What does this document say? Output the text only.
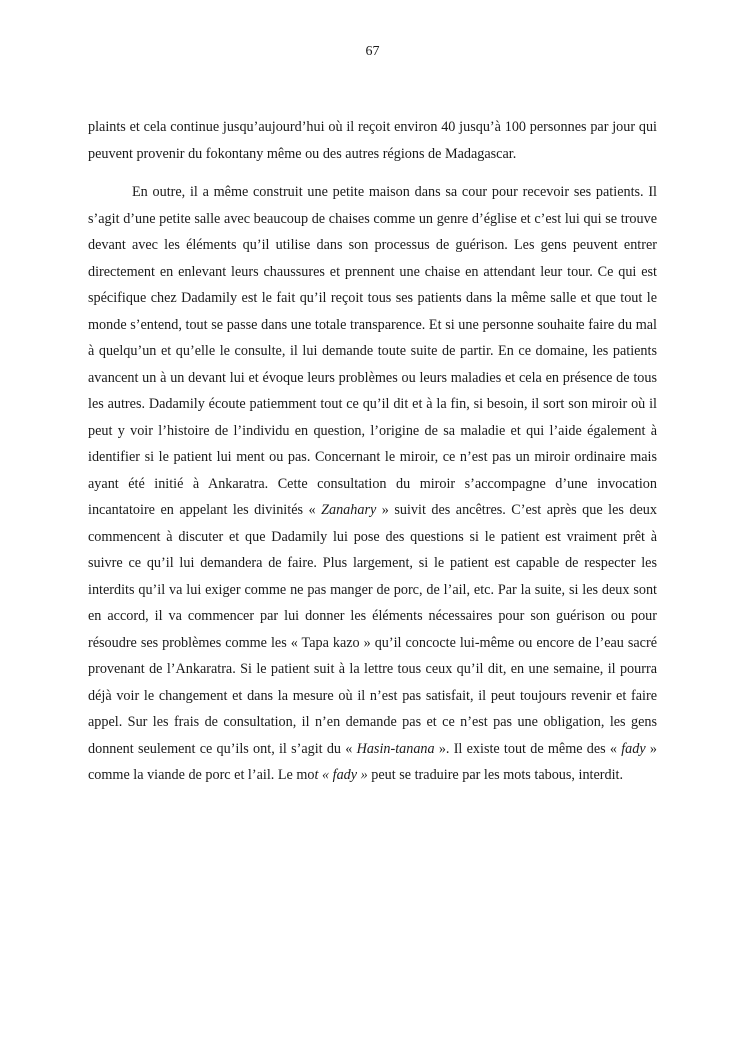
67

plaints et cela continue jusqu’aujourd’hui où il reçoit environ 40 jusqu’à 100 personnes par jour qui peuvent provenir du fokontany même ou des autres régions de Madagascar.

En outre, il a même construit une petite maison dans sa cour pour recevoir ses patients. Il s’agit d’une petite salle avec beaucoup de chaises comme un genre d’église et c’est lui qui se trouve devant avec les éléments qu’il utilise dans son processus de guérison. Les gens peuvent entrer directement en enlevant leurs chaussures et prennent une chaise en attendant leur tour. Ce qui est spécifique chez Dadamily est le fait qu’il reçoit tous ses patients dans la même salle et que tout le monde s’entend, tout se passe dans une totale transparence. Et si une personne souhaite faire du mal à quelqu’un et qu’elle le consulte, il lui demande toute suite de partir. En ce domaine, les patients avancent un à un devant lui et évoque leurs problèmes ou leurs maladies et cela en présence de tous les autres. Dadamily écoute patiemment tout ce qu’il dit et à la fin, si besoin, il sort son miroir où il peut y voir l’histoire de l’individu en question, l’origine de sa maladie et qui l’aide également à identifier si le patient lui ment ou pas. Concernant le miroir, ce n’est pas un miroir ordinaire mais ayant été initié à Ankaratra. Cette consultation du miroir s’accompagne d’une invocation incantatoire en appelant les divinités « Zanahary » suivit des ancêtres. C’est après que les deux commencent à discuter et que Dadamily lui pose des questions si le patient est vraiment prêt à suivre ce qu’il lui demandera de faire. Plus largement, si le patient est capable de respecter les interdits qu’il va lui exiger comme ne pas manger de porc, de l’ail, etc. Par la suite, si les deux sont en accord, il va commencer par lui donner les éléments nécessaires pour son guérison ou pour résoudre ses problèmes comme les « Tapa kazo » qu’il concocte lui-même ou encore de l’eau sacré provenant de l’Ankaratra. Si le patient suit à la lettre tous ceux qu’il dit, en une semaine, il pourra déjà voir le changement et dans la mesure où il n’est pas satisfait, il peut toujours revenir et faire appel. Sur les frais de consultation, il n’en demande pas et ce n’est pas une obligation, les gens donnent seulement ce qu’ils ont, il s’agit du « Hasin-tanana ». Il existe tout de même des « fady » comme la viande de porc et l’ail. Le mot « fady » peut se traduire par les mots tabous, interdit.
